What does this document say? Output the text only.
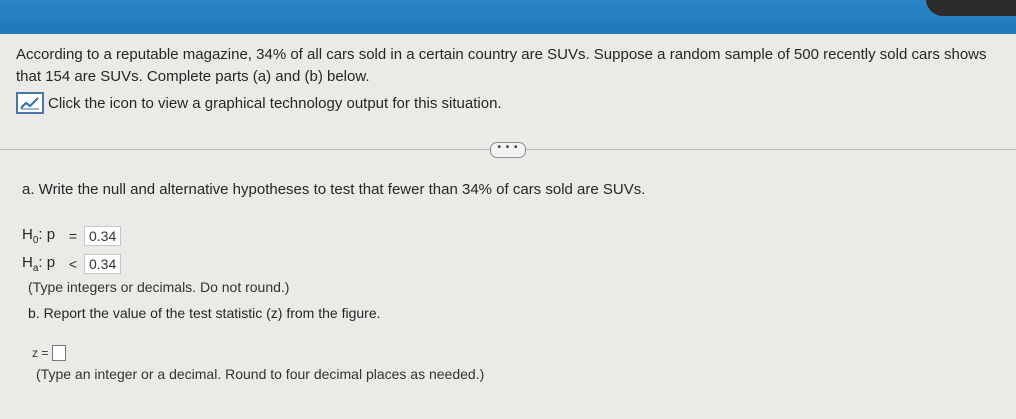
According to a reputable magazine, 34% of all cars sold in a certain country are SUVs. Suppose a random sample of 500 recently sold cars shows that 154 are SUVs. Complete parts (a) and (b) below.
Click the icon to view a graphical technology output for this situation.
• • •
a. Write the null and alternative hypotheses to test that fewer than 34% of cars sold are SUVs.
$H_0$: p = 0.34
$H_a$: p < 0.34
(Type integers or decimals. Do not round.)
b. Report the value of the test statistic (z) from the figure.
z =
(Type an integer or a decimal. Round to four decimal places as needed.)
